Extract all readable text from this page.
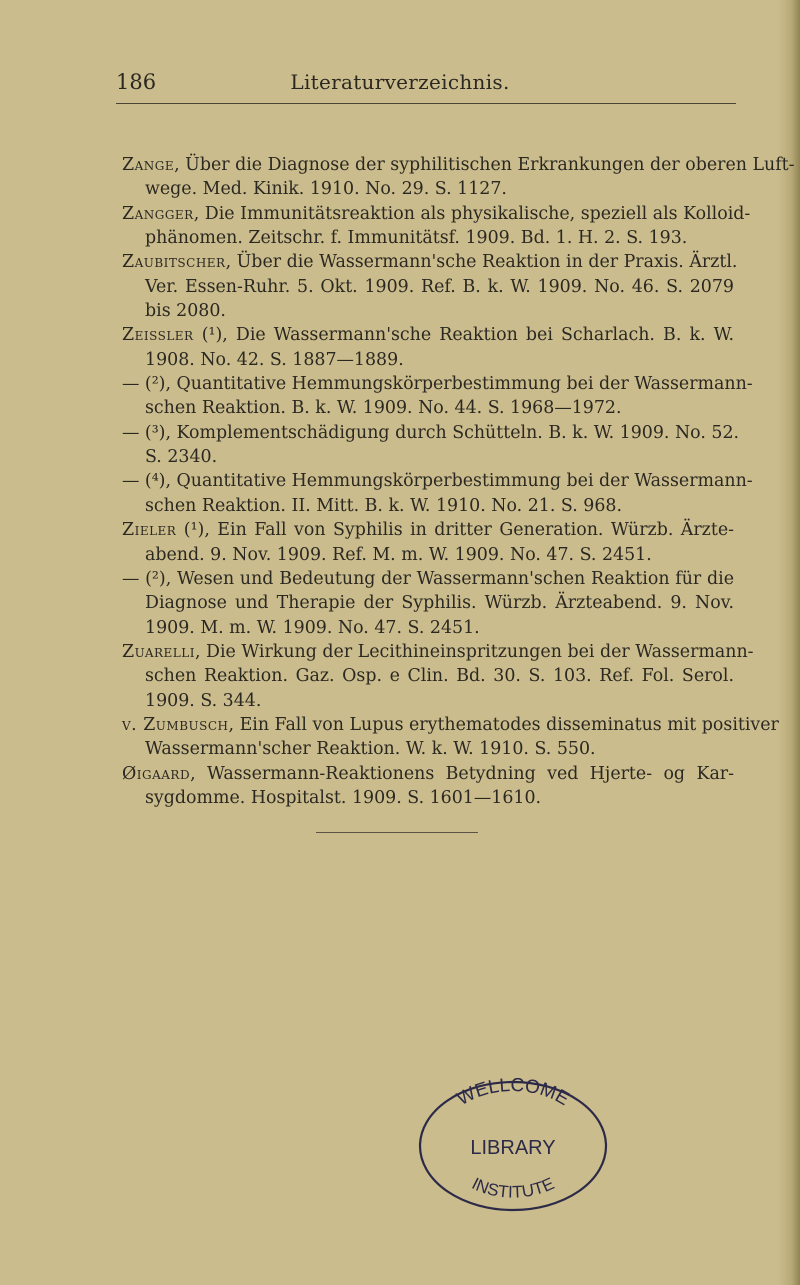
186	Literaturverzeichnis.
Zange, Über die Diagnose der syphilitischen Erkrankungen der oberen Luft-
wege. Med. Kinik. 1910. No. 29. S. 1127.
Zangger, Die Immunitätsreaktion als physikalische, speziell als Kolloid-
phänomen. Zeitschr. f. Immunitätsf. 1909. Bd. 1. H. 2. S. 193.
Zaubitscher, Über die Wassermann'sche Reaktion in der Praxis. Ärztl.
Ver. Essen-Ruhr. 5. Okt. 1909. Ref. B. k. W. 1909. No. 46. S. 2079
bis 2080.
Zeissler (¹), Die Wassermann'sche Reaktion bei Scharlach. B. k. W.
1908. No. 42. S. 1887—1889.
— (²), Quantitative Hemmungskörperbestimmung bei der Wassermann-
schen Reaktion. B. k. W. 1909. No. 44. S. 1968—1972.
— (³), Komplementschädigung durch Schütteln. B. k. W. 1909. No. 52.
S. 2340.
— (⁴), Quantitative Hemmungskörperbestimmung bei der Wassermann-
schen Reaktion. II. Mitt. B. k. W. 1910. No. 21. S. 968.
Zieler (¹), Ein Fall von Syphilis in dritter Generation. Würzb. Ärzte-
abend. 9. Nov. 1909. Ref. M. m. W. 1909. No. 47. S. 2451.
— (²), Wesen und Bedeutung der Wassermann'schen Reaktion für die
Diagnose und Therapie der Syphilis. Würzb. Ärzteabend. 9. Nov.
1909. M. m. W. 1909. No. 47. S. 2451.
Zuarelli, Die Wirkung der Lecithineinspritzungen bei der Wassermann-
schen Reaktion. Gaz. Osp. e Clin. Bd. 30. S. 103. Ref. Fol. Serol.
1909. S. 344.
v. Zumbusch, Ein Fall von Lupus erythematodes disseminatus mit positiver
Wassermann'scher Reaktion. W. k. W. 1910. S. 550.
Øigaard, Wassermann-Reaktionens Betydning ved Hjerte- og Kar-
sygdomme. Hospitalst. 1909. S. 1601—1610.
WELLCOME
LIBRARY
INSTITUTE
